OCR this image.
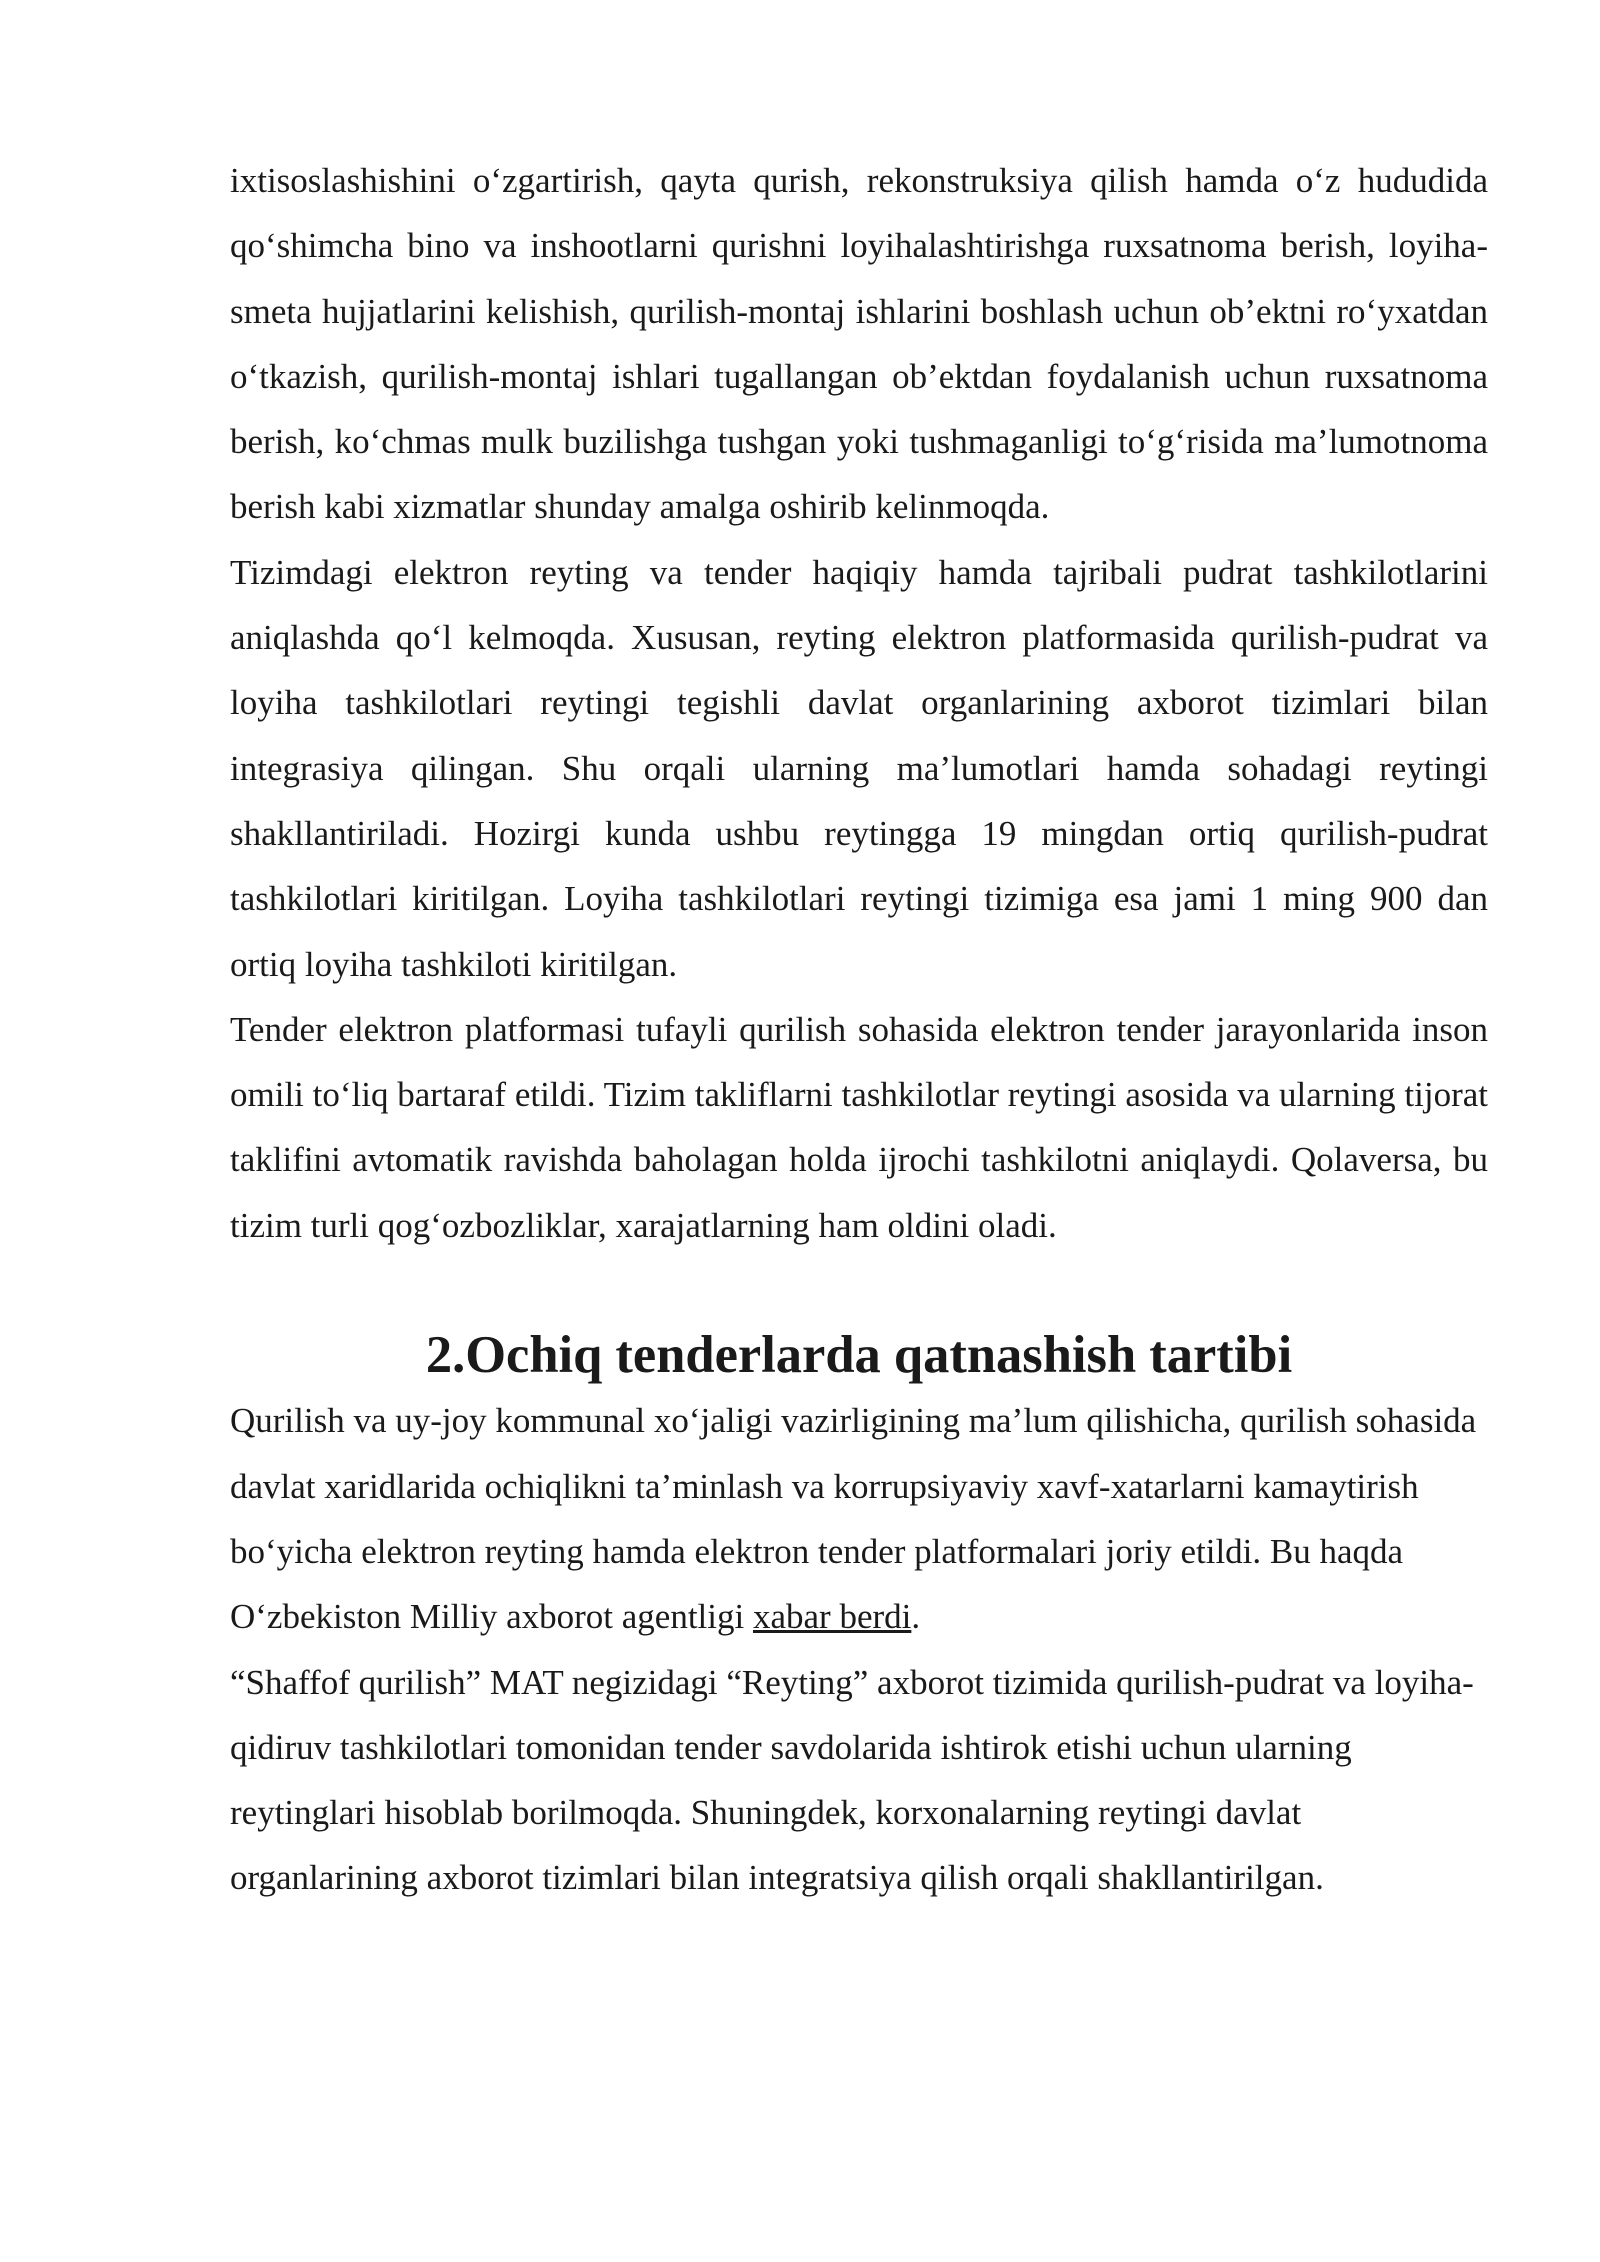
ixtisoslashishini o‘zgartirish, qayta qurish, rekonstruksiya qilish hamda o‘z hududida qo‘shimcha bino va inshootlarni qurishni loyihalashtirishga ruxsatnoma berish, loyiha-smeta hujjatlarini kelishish, qurilish-montaj ishlarini boshlash uchun ob’ektni ro‘yxatdan o‘tkazish, qurilish-montaj ishlari tugallangan ob’ektdan foydalanish uchun ruxsatnoma berish, ko‘chmas mulk buzilishga tushgan yoki tushmaganligi to‘g‘risida ma’lumotnoma berish kabi xizmatlar shunday amalga oshirib kelinmoqda.

Tizimdagi elektron reyting va tender haqiqiy hamda tajribali pudrat tashkilotlarini aniqlashda qo‘l kelmoqda. Xususan, reyting elektron platformasida qurilish-pudrat va loyiha tashkilotlari reytingi tegishli davlat organlarining axborot tizimlari bilan integrasiya qilingan. Shu orqali ularning ma’lumotlari hamda sohadagi reytingi shakllantiriladi. Hozirgi kunda ushbu reytingga 19 mingdan ortiq qurilish-pudrat tashkilotlari kiritilgan. Loyiha tashkilotlari reytingi tizimiga esa jami 1 ming 900 dan ortiq loyiha tashkiloti kiritilgan.

Tender elektron platformasi tufayli qurilish sohasida elektron tender jarayonlarida inson omili to‘liq bartaraf etildi. Tizim takliflarni tashkilotlar reytingi asosida va ularning tijorat taklifini avtomatik ravishda baholagan holda ijrochi tashkilotni aniqlaydi. Qolaversa, bu tizim turli qog‘ozbozliklar, xarajatlarning ham oldini oladi.

2.Ochiq tenderlarda qatnashish tartibi

Qurilish va uy-joy kommunal xo‘jaligi vazirligining ma’lum qilishicha, qurilish sohasida davlat xaridlarida ochiqlikni ta’minlash va korrupsiyaviy xavf-xatarlarni kamaytirish bo‘yicha elektron reyting hamda elektron tender platformalari joriy etildi. Bu haqda O‘zbekiston Milliy axborot agentligi xabar berdi.

“Shaffof qurilish” MAT negizidagi “Reyting” axborot tizimida qurilish-pudrat va loyiha-qidiruv tashkilotlari tomonidan tender savdolarida ishtirok etishi uchun ularning reytinglari hisoblab borilmoqda. Shuningdek, korxonalarning reytingi davlat organlarining axborot tizimlari bilan integratsiya qilish orqali shakllantirilgan.
